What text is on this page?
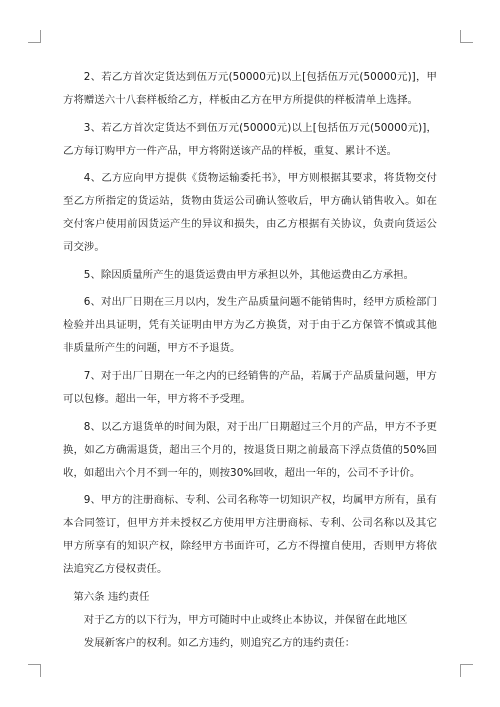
2、若乙方首次定货达到伍万元(50000元)以上[包括伍万元(50000元)]，甲方将赠送六十八套样板给乙方，样板由乙方在甲方所提供的样板清单上选择。

3、若乙方首次定货达不到伍万元(50000元)以上[包括伍万元(50000元)]，乙方每订购甲方一件产品，甲方将附送该产品的样板，重复、累计不送。

4、乙方应向甲方提供《货物运输委托书》，甲方则根据其要求，将货物交付至乙方所指定的货运站，货物由货运公司确认签收后，甲方确认销售收入。如在交付客户使用前因货运产生的异议和损失，由乙方根据有关协议，负责向货运公司交涉。

5、除因质量所产生的退货运费由甲方承担以外，其他运费由乙方承担。

6、对出厂日期在三月以内，发生产品质量问题不能销售时，经甲方质检部门检验并出具证明，凭有关证明由甲方为乙方换货，对于由于乙方保管不慎或其他非质量所产生的问题，甲方不予退货。

7、对于出厂日期在一年之内的已经销售的产品，若属于产品质量问题，甲方可以包修。超出一年，甲方将不予受理。

8、以乙方退货单的时间为限，对于出厂日期超过三个月的产品，甲方不予更换，如乙方确需退货，超出三个月的，按退货日期之前最高下浮点货值的50%回收，如超出六个月不到一年的，则按30%回收，超出一年的，公司不予计价。

9、甲方的注册商标、专利、公司名称等一切知识产权，均属甲方所有，虽有本合同签订，但甲方并未授权乙方使用甲方注册商标、专利、公司名称以及其它甲方所享有的知识产权，除经甲方书面许可，乙方不得擅自使用，否则甲方将依法追究乙方侵权责任。

第六条 违约责任

对于乙方的以下行为，甲方可随时中止或终止本协议，并保留在此地区

发展新客户的权利。如乙方违约，则追究乙方的违约责任：
